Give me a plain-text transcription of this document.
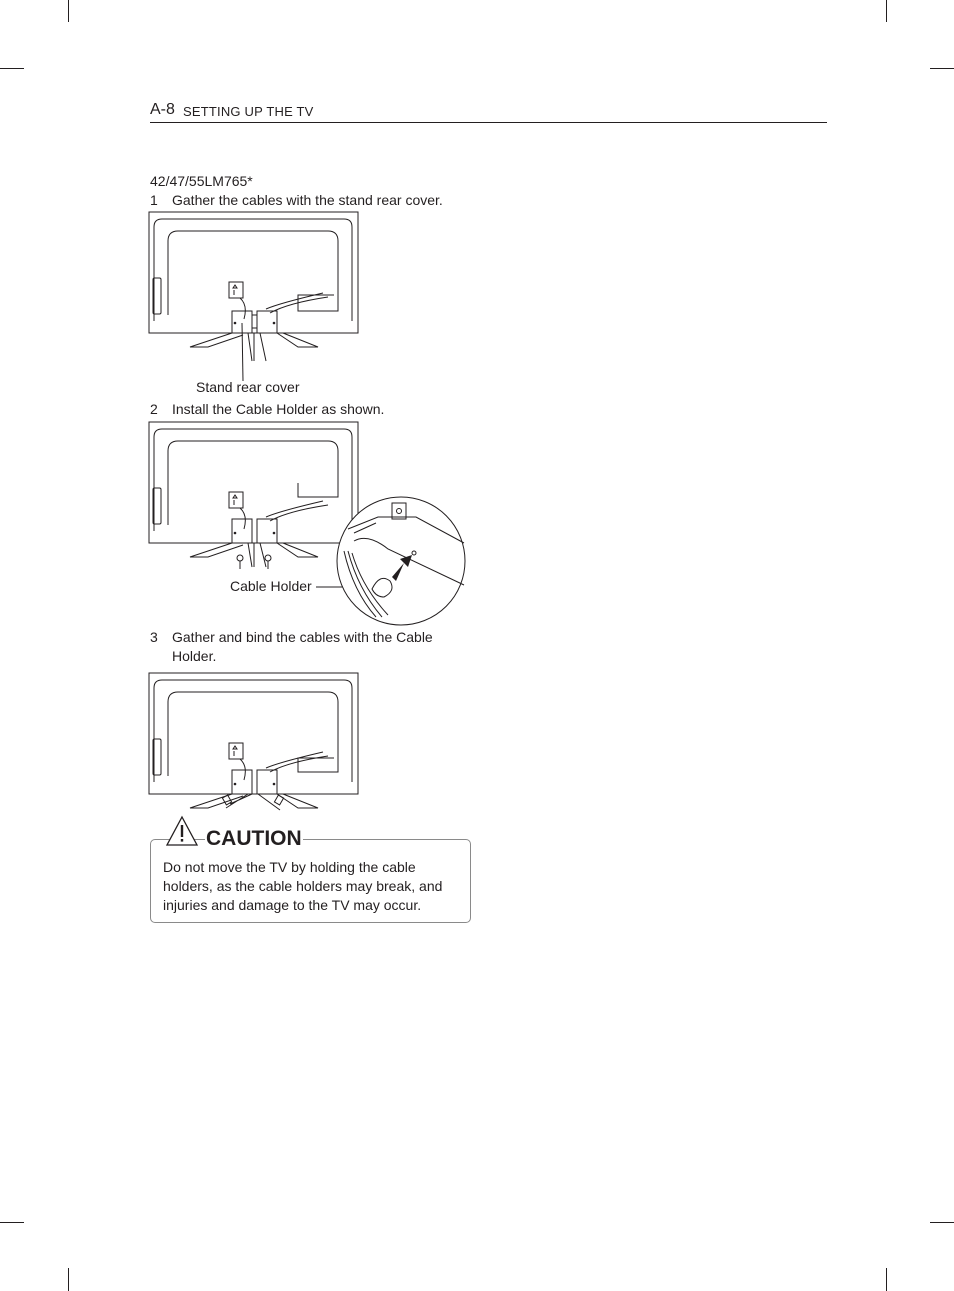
A-8 SETTING UP THE TV
42/47/55LM765*
1 Gather the cables with the stand rear cover.
Stand rear cover
2 Install the Cable Holder as shown.
Cable Holder
3 Gather and bind the cables with the Cable
Holder.
CAUTION
Do not move the TV by holding the cable holders, as the cable holders may break, and injuries and damage to the TV may occur.
